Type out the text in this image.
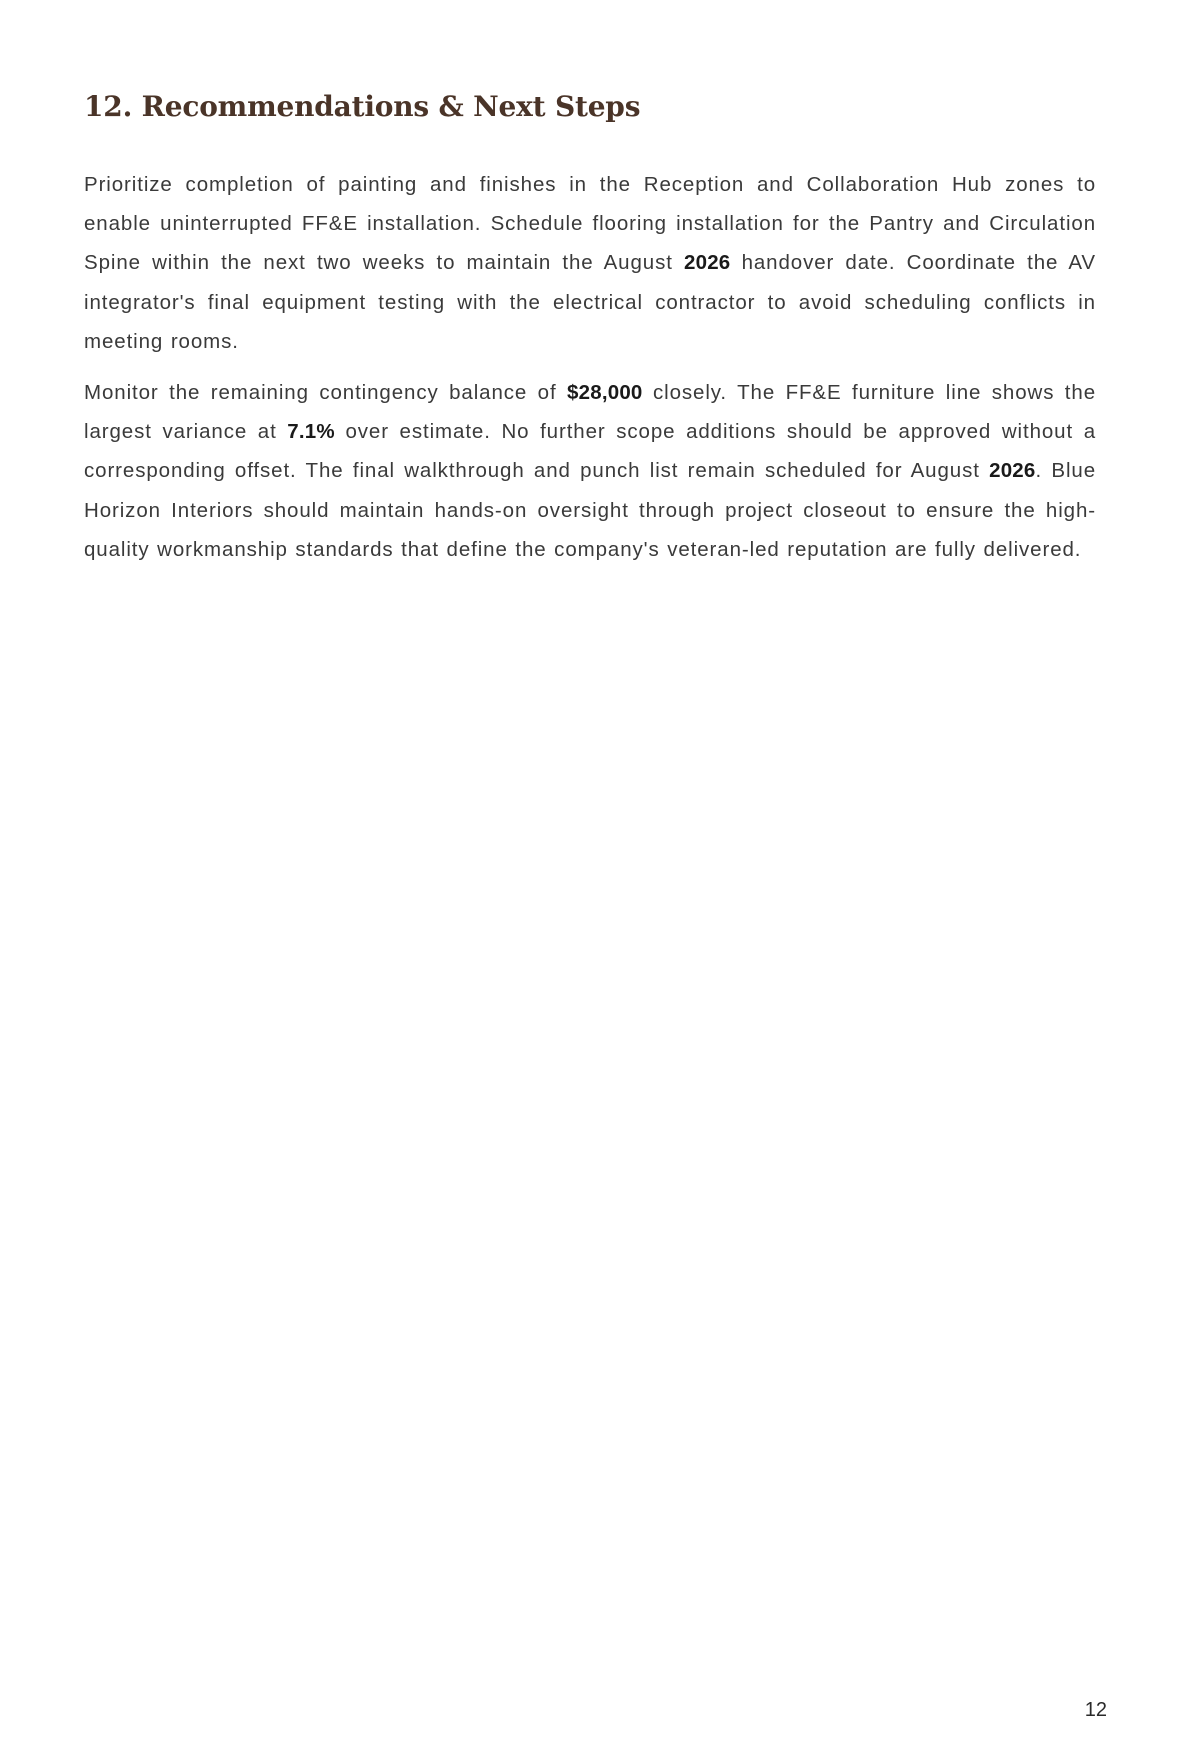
12. Recommendations & Next Steps

Prioritize completion of painting and finishes in the Reception and Collaboration Hub zones to enable uninterrupted FF&E installation. Schedule flooring installation for the Pantry and Circulation Spine within the next two weeks to maintain the August 2026 handover date. Coordinate the AV integrator's final equipment testing with the electrical contractor to avoid scheduling conflicts in meeting rooms.

Monitor the remaining contingency balance of $28,000 closely. The FF&E furniture line shows the largest variance at 7.1% over estimate. No further scope additions should be approved without a corresponding offset. The final walkthrough and punch list remain scheduled for August 2026. Blue Horizon Interiors should maintain hands-on oversight through project closeout to ensure the high-quality workmanship standards that define the company's veteran-led reputation are fully delivered.

12
